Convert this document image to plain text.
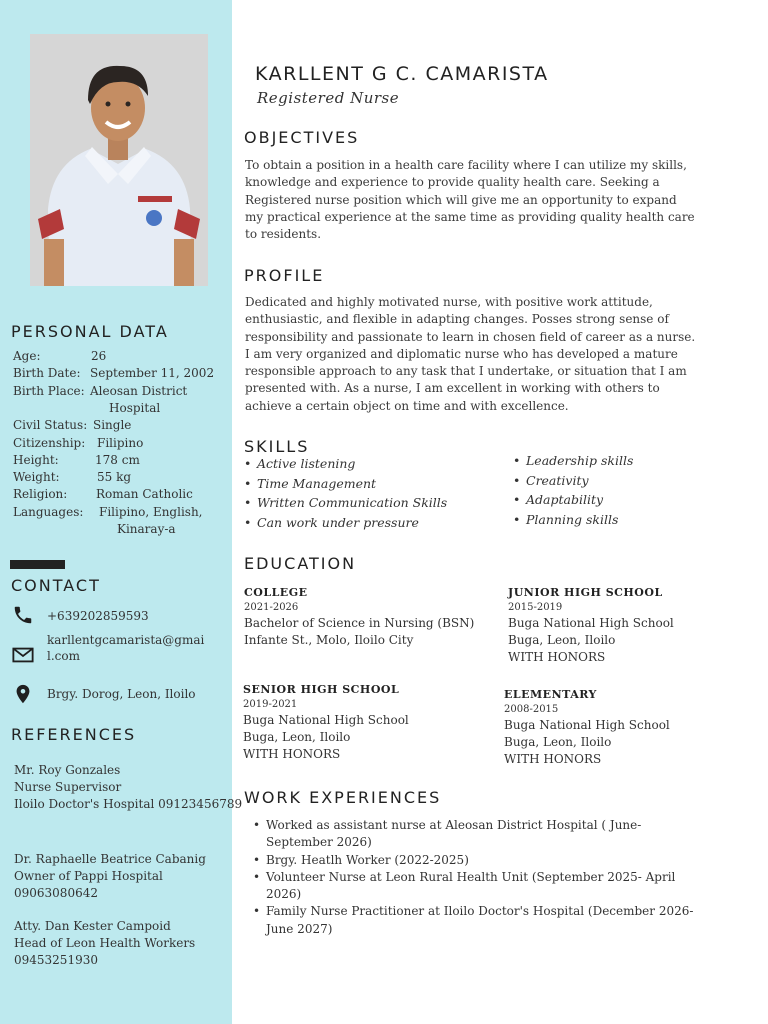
PERSONAL DATA
Age:	26
Birth Date: September 11, 2002
Birth Place: Aleosan District
Hospital
Civil Status: Single
Citizenship: Filipino
Height:	178 cm
Weight:	55 kg
Religion: Roman Catholic
Languages: Filipino, English,
Kinaray-a
CONTACT
+639202859593
karllentgcamarista@gmai
l.com
Brgy. Dorog, Leon, Iloilo
REFERENCES
Mr. Roy Gonzales
Nurse Supervisor
Iloilo Doctor's Hospital 09123456789
Dr. Raphaelle Beatrice Cabanig
Owner of Pappi Hospital
09063080642
Atty. Dan Kester Campoid
Head of Leon Health Workers
09453251930
KARLLENT G C. CAMARISTA
Registered Nurse
OBJECTIVES
To obtain a position in a health care facility where I can utilize my skills,
knowledge and experience to provide quality health care. Seeking a
Registered nurse position which will give me an opportunity to expand
my practical experience at the same time as providing quality health care
to residents.
PROFILE
Dedicated and highly motivated nurse, with positive work attitude,
enthusiastic, and flexible in adapting changes. Posses strong sense of
responsibility and passionate to learn in chosen field of career as a nurse.
I am very organized and diplomatic nurse who has developed a mature
responsible approach to any task that I undertake, or situation that I am
presented with. As a nurse, I am excellent in working with others to
achieve a certain object on time and with excellence.
SKILLS
• Active listening
• Time Management
• Written Communication Skills
• Can work under pressure
• Leadership skills
• Creativity
• Adaptability
• Planning skills
EDUCATION
COLLEGE
2021-2026
Bachelor of Science in Nursing (BSN)
Infante St., Molo, Iloilo City
JUNIOR HIGH SCHOOL
2015-2019
Buga National High School
Buga, Leon, Iloilo
WITH HONORS
SENIOR HIGH SCHOOL
2019-2021
Buga National High School
Buga, Leon, Iloilo
WITH HONORS
ELEMENTARY
2008-2015
Buga National High School
Buga, Leon, Iloilo
WITH HONORS
WORK EXPERIENCES
• Worked as assistant nurse at Aleosan District Hospital ( June-
September 2026)
• Brgy. Heatlh Worker (2022-2025)
• Volunteer Nurse at Leon Rural Health Unit (September 2025- April
2026)
• Family Nurse Practitioner at Iloilo Doctor's Hospital (December 2026-
June 2027)
